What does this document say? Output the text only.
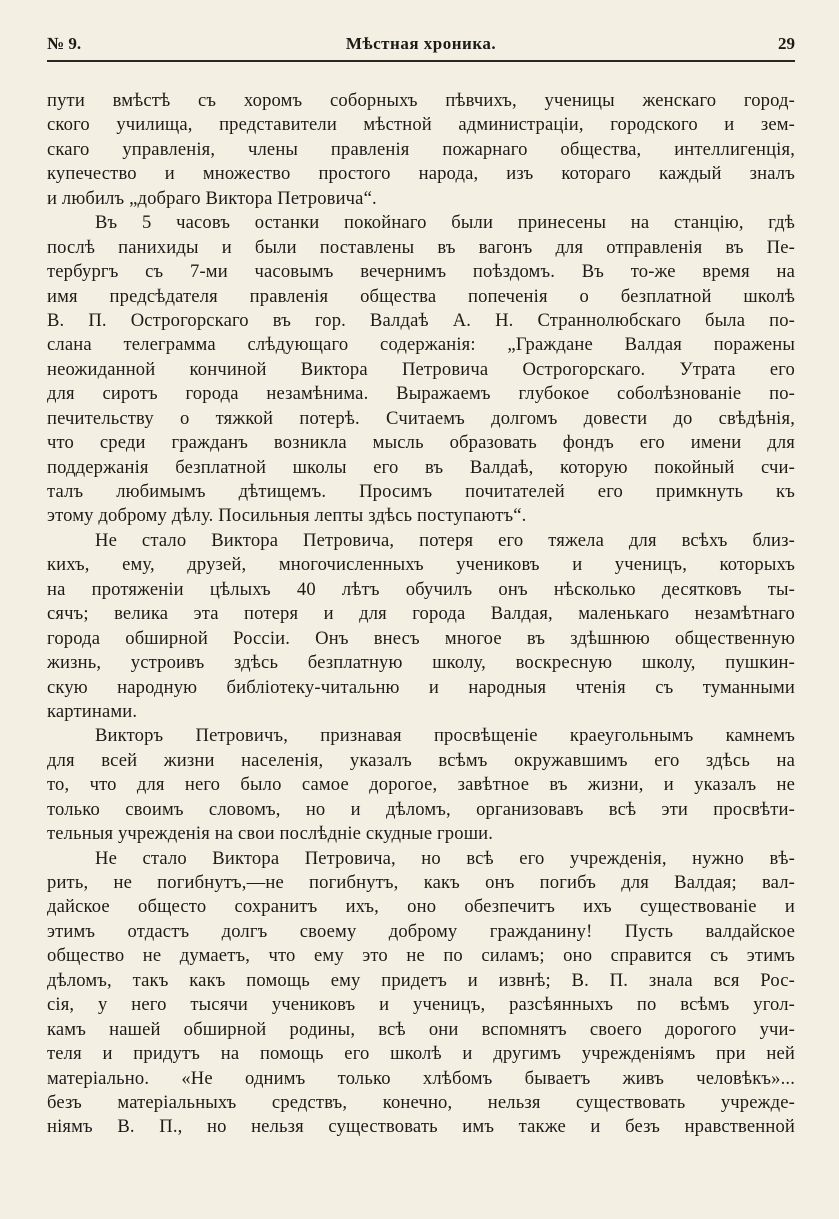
№ 9.	Мѣстная хроника.	29
пути вмѣстѣ съ хоромъ соборныхъ пѣвчихъ, ученицы женскаго город-
ского училища, представители мѣстной администраціи, городского и зем-
скаго управленія, члены правленія пожарнаго общества, интеллигенція,
купечество и множество простого народа, изъ котораго каждый зналъ
и любилъ „добраго Виктора Петровича“.
Въ 5 часовъ останки покойнаго были принесены на станцію, гдѣ
послѣ панихиды и были поставлены въ вагонъ для отправленія въ Пе-
тербургъ съ 7-ми часовымъ вечернимъ поѣздомъ. Въ то-же время на
имя предсѣдателя правленія общества попеченія о безплатной школѣ
В. П. Острогорскаго въ гор. Валдаѣ А. Н. Страннолюбскаго была по-
слана телеграмма слѣдующаго содержанія: „Граждане Валдая поражены
неожиданной кончиной Виктора Петровича Острогорскаго. Утрата его
для сиротъ города незамѣнима. Выражаемъ глубокое соболѣзнованіе по-
печительству о тяжкой потерѣ. Считаемъ долгомъ довести до свѣдѣнія,
что среди гражданъ возникла мысль образовать фондъ его имени для
поддержанія безплатной школы его въ Валдаѣ, которую покойный счи-
талъ любимымъ дѣтищемъ. Просимъ почитателей его примкнуть къ
этому доброму дѣлу. Посильныя лепты здѣсь поступаютъ“.
Не стало Виктора Петровича, потеря его тяжела для всѣхъ близ-
кихъ, ему, друзей, многочисленныхъ учениковъ и ученицъ, которыхъ
на протяженіи цѣлыхъ 40 лѣтъ обучилъ онъ нѣсколько десятковъ ты-
сячъ; велика эта потеря и для города Валдая, маленькаго незамѣтнаго
города обширной Россіи. Онъ внесъ многое въ здѣшнюю общественную
жизнь, устроивъ здѣсь безплатную школу, воскресную школу, пушкин-
скую народную библіотеку-читальню и народныя чтенія съ туманными
картинами.
Викторъ Петровичъ, признавая просвѣщеніе краеугольнымъ камнемъ
для всей жизни населенія, указалъ всѣмъ окружавшимъ его здѣсь на
то, что для него было самое дорогое, завѣтное въ жизни, и указалъ не
только своимъ словомъ, но и дѣломъ, организовавъ всѣ эти просвѣти-
тельныя учрежденія на свои послѣдніе скудные гроши.
Не стало Виктора Петровича, но всѣ его учрежденія, нужно вѣ-
рить, не погибнутъ,—не погибнутъ, какъ онъ погибъ для Валдая; вал-
дайское общесто сохранитъ ихъ, оно обезпечитъ ихъ существованіе и
этимъ отдастъ долгъ своему доброму гражданину! Пусть валдайское
общество не думаетъ, что ему это не по силамъ; оно справится съ этимъ
дѣломъ, такъ какъ помощь ему придетъ и извнѣ; В. П. знала вся Рос-
сія, у него тысячи учениковъ и ученицъ, разсѣянныхъ по всѣмъ угол-
камъ нашей обширной родины, всѣ они вспомнятъ своего дорогого учи-
теля и придутъ на помощь его школѣ и другимъ учрежденіямъ при ней
матеріально. «Не однимъ только хлѣбомъ бываетъ живъ человѣкъ»...
безъ матеріальныхъ средствъ, конечно, нельзя существовать учрежде-
ніямъ В. П., но нельзя существовать имъ также и безъ нравственной
